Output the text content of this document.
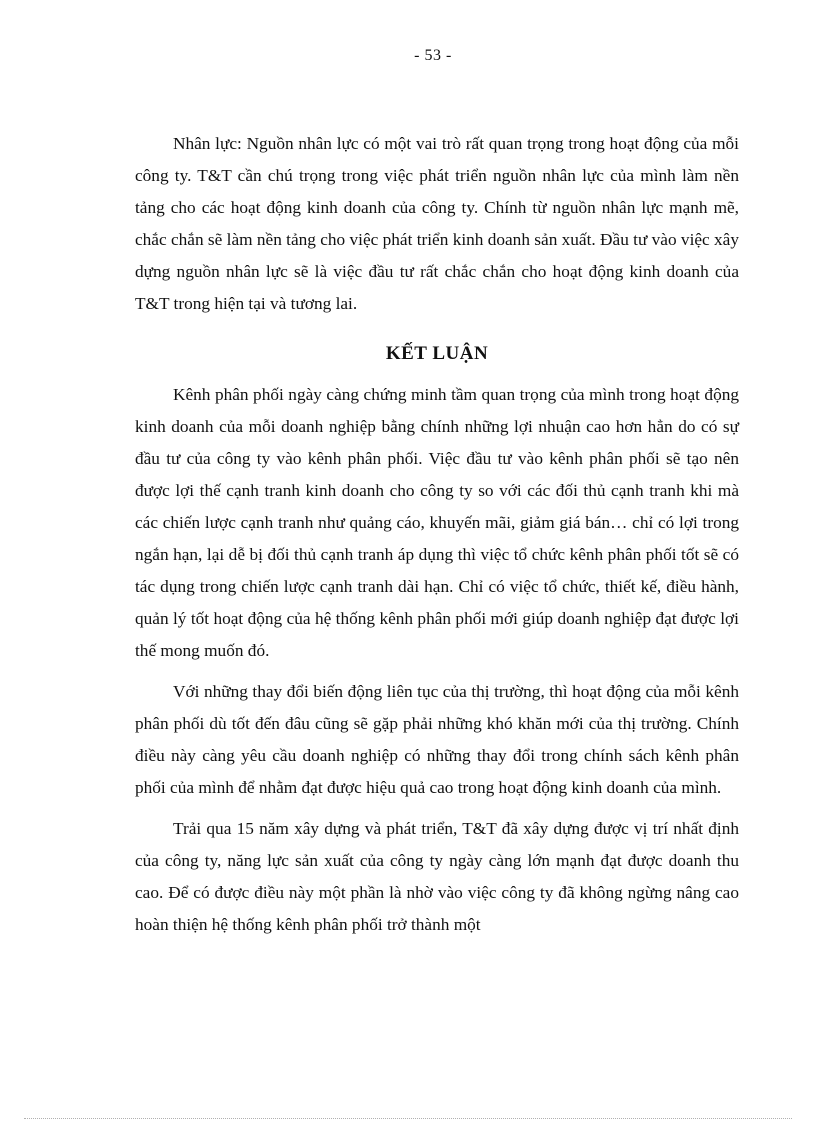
- 53 -

Nhân lực: Nguồn nhân lực có một vai trò rất quan trọng trong hoạt động của mỗi công ty. T&T cần chú trọng trong việc phát triển nguồn nhân lực của mình làm nền tảng cho các hoạt động kinh doanh của công ty. Chính từ nguồn nhân lực mạnh mẽ, chắc chắn sẽ làm nền tảng cho việc phát triển kinh doanh sản xuất. Đầu tư vào việc xây dựng nguồn nhân lực sẽ là việc đầu tư rất chắc chắn cho hoạt động kinh doanh của T&T trong hiện tại và tương lai.

KẾT LUẬN

Kênh phân phối ngày càng chứng minh tầm quan trọng của mình trong hoạt động kinh doanh của mỗi doanh nghiệp bằng chính những lợi nhuận cao hơn hẳn do có sự đầu tư của công ty vào kênh phân phối. Việc đầu tư vào kênh phân phối sẽ tạo nên được lợi thế cạnh tranh kinh doanh cho công ty so với các đối thủ cạnh tranh khi mà các chiến lược cạnh tranh như quảng cáo, khuyến mãi, giảm giá bán… chỉ có lợi trong ngắn hạn, lại dễ bị đối thủ cạnh tranh áp dụng thì việc tổ chức kênh phân phối tốt sẽ có tác dụng trong chiến lược cạnh tranh dài hạn. Chỉ có việc tổ chức, thiết kế, điều hành, quản lý tốt hoạt động của hệ thống kênh phân phối mới giúp doanh nghiệp đạt được lợi thế mong muốn đó.

Với những thay đổi biến động liên tục của thị trường, thì hoạt động của mỗi kênh phân phối dù tốt đến đâu cũng sẽ gặp phải những khó khăn mới của thị trường. Chính điều này càng yêu cầu doanh nghiệp có những thay đổi trong chính sách kênh phân phối của mình để nhằm đạt được hiệu quả cao trong hoạt động kinh doanh của mình.

Trải qua 15 năm xây dựng và phát triển, T&T đã xây dựng được vị trí nhất định của công ty, năng lực sản xuất của công ty ngày càng lớn mạnh đạt được doanh thu cao. Để có được điều này một phần là nhờ vào việc công ty đã không ngừng nâng cao hoàn thiện hệ thống kênh phân phối trở thành một
